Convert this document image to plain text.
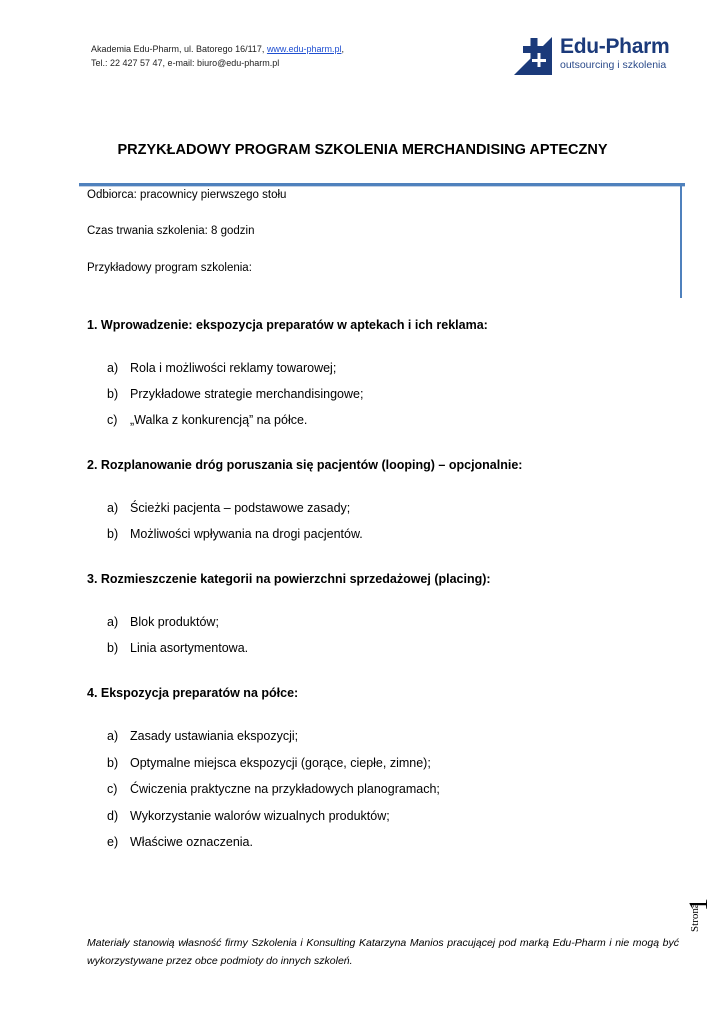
Akademia Edu-Pharm, ul. Batorego 16/117, www.edu-pharm.pl,
Tel.: 22 427 57 47, e-mail: biuro@edu-pharm.pl
Edu-Pharm
outsourcing i szkolenia
PRZYKŁADOWY PROGRAM SZKOLENIA MERCHANDISING APTECZNY
Odbiorca: pracownicy pierwszego stołu
Czas trwania szkolenia: 8 godzin
Przykładowy program szkolenia:
1. Wprowadzenie: ekspozycja preparatów w aptekach i ich reklama:
a) Rola i możliwości reklamy towarowej;
b) Przykładowe strategie merchandisingowe;
c) „Walka z konkurencją” na półce.
2. Rozplanowanie dróg poruszania się pacjentów (looping) – opcjonalnie:
a) Ścieżki pacjenta – podstawowe zasady;
b) Możliwości wpływania na drogi pacjentów.
3. Rozmieszczenie kategorii na powierzchni sprzedażowej (placing):
a) Blok produktów;
b) Linia asortymentowa.
4. Ekspozycja preparatów na półce:
a) Zasady ustawiania ekspozycji;
b) Optymalne miejsca ekspozycji (gorące, ciepłe, zimne);
c) Ćwiczenia praktyczne na przykładowych planogramach;
d) Wykorzystanie walorów wizualnych produktów;
e) Właściwe oznaczenia.
Strona
1
Materiały stanowią własność firmy Szkolenia i Konsulting Katarzyna Manios pracującej pod marką Edu-Pharm i nie mogą być wykorzystywane przez obce podmioty do innych szkoleń.
